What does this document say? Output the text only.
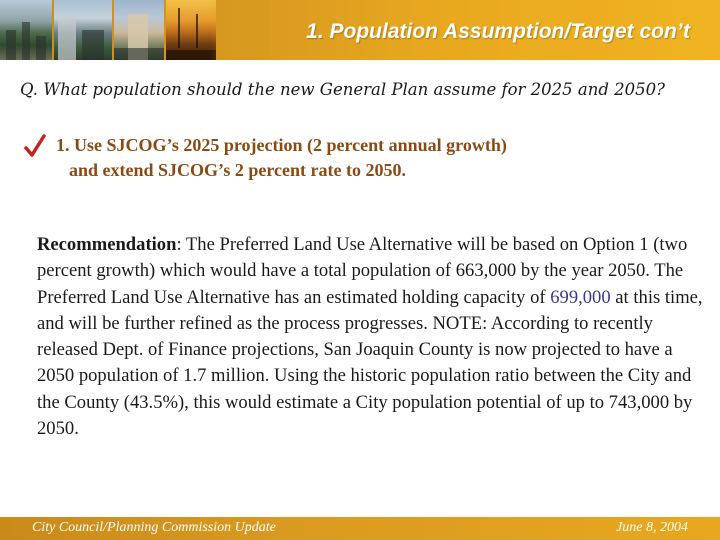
1. Population Assumption/Target con’t
Q. What population should the new General Plan assume for 2025 and 2050?
1. Use SJCOG’s 2025 projection (2 percent annual growth)
and extend SJCOG’s 2 percent rate to 2050.
Recommendation: The Preferred Land Use Alternative will be based on Option 1 (two percent growth) which would have a total population of 663,000 by the year 2050. The Preferred Land Use Alternative has an estimated holding capacity of 699,000 at this time, and will be further refined as the process progresses. NOTE: According to recently released Dept. of Finance projections, San Joaquin County is now projected to have a 2050 population of 1.7 million. Using the historic population ratio between the City and the County (43.5%), this would estimate a City population potential of up to 743,000 by 2050.
City Council/Planning Commission Update	June 8, 2004
